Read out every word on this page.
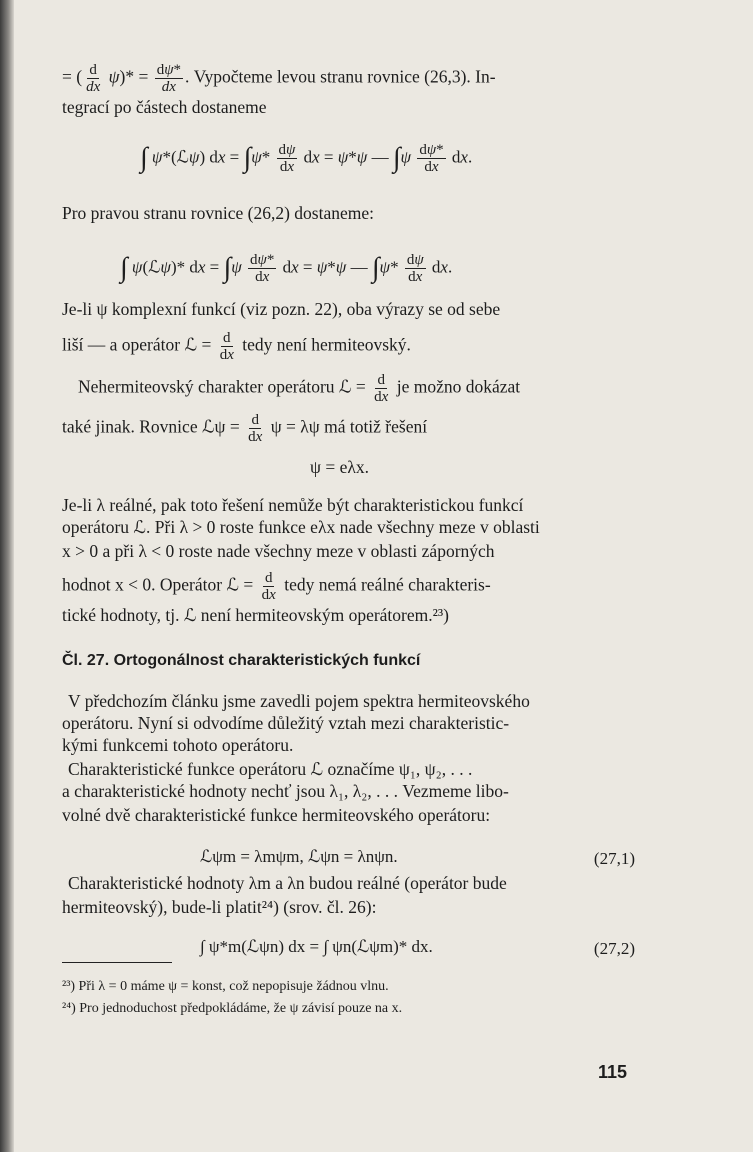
= ( $\frac{d}{dx} \psi)* = \frac{d\psi*}{dx}$ . Vypočteme levou stranu rovnice (26,3). In-
tegrací po částech dostaneme
∫ ψ*(ℒψ) dx = $\int\psi* \frac{d\psi}{dx}$ dx = ψ*ψ — $\int\psi \frac{d\psi*}{dx}$ dx.
Pro pravou stranu rovnice (26,2) dostaneme:
∫ ψ(ℒψ)* dx = $\int\psi \frac{d\psi*}{dx}$ dx = ψ*ψ — $\int\psi* \frac{d\psi}{dx}$ dx.
Je-li ψ komplexní funkcí (viz pozn. 22), oba výrazy se od sebe
liší — a operátor ℒ = $\frac{d}{dx}$ tedy není hermiteovský.
Nehermiteovský charakter operátoru ℒ = $\frac{d}{dx}$ je možno dokázat
také jinak. Rovnice ℒψ = $\frac{d}{dx}$ ψ = λψ má totiž řešení
ψ = eλx.
Je-li λ reálné, pak toto řešení nemůže být charakteristickou funkcí
operátoru ℒ. Při λ > 0 roste funkce eλx nade všechny meze v oblasti
x > 0 a při λ < 0 roste nade všechny meze v oblasti záporných
hodnot x < 0. Operátor ℒ = $\frac{d}{dx}$ tedy nemá reálné charakteris-
tické hodnoty, tj. ℒ není hermiteovským operátorem.²³)
Čl. 27. Ortogonálnost charakteristických funkcí
V předchozím článku jsme zavedli pojem spektra hermiteovského
operátoru. Nyní si odvodíme důležitý vztah mezi charakteristic-
kými funkcemi tohoto operátoru.
Charakteristické funkce operátoru ℒ označíme ψ₁, ψ₂, . . .
a charakteristické hodnoty nechť jsou λ₁, λ₂, . . . Vezmeme libo-
volné dvě charakteristické funkce hermiteovského operátoru:
ℒψm = λmψm, ℒψn = λnψn.	(27,1)
Charakteristické hodnoty λm a λn budou reálné (operátor bude
hermiteovský), bude-li platit²⁴) (srov. čl. 26):
∫ ψ*m(ℒψn) dx = ∫ ψn(ℒψm)* dx.	(27,2)
²³) Při λ = 0 máme ψ = konst, což nepopisuje žádnou vlnu.
²⁴) Pro jednoduchost předpokládáme, že ψ závisí pouze na x.
115
